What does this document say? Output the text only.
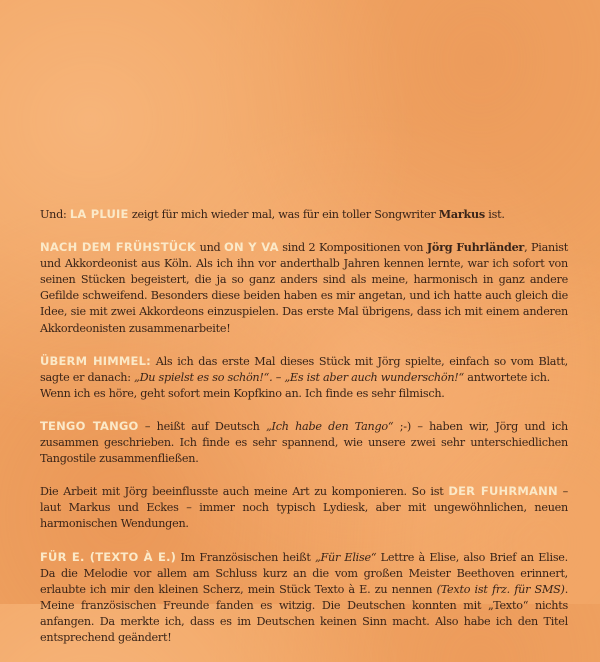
Und: LA PLUIE zeigt für mich wieder mal, was für ein toller Songwriter Markus ist.

NACH DEM FRÜHSTÜCK und ON Y VA sind 2 Kompositionen von Jörg Fuhrländer, Pianist und Akkordeonist aus Köln. Als ich ihn vor anderthalb Jahren kennen lernte, war ich sofort von seinen Stücken begeistert, die ja so ganz anders sind als meine, harmonisch in ganz andere Gefilde schweifend. Besonders diese beiden haben es mir angetan, und ich hatte auch gleich die Idee, sie mit zwei Akkordeons einzuspielen. Das erste Mal übrigens, dass ich mit einem anderen Akkordeonisten zusammenarbeite!

ÜBERM HIMMEL: Als ich das erste Mal dieses Stück mit Jörg spielte, einfach so vom Blatt, sagte er danach: „Du spielst es so schön!“. – „Es ist aber auch wunderschön!“ antwortete ich.
Wenn ich es höre, geht sofort mein Kopfkino an. Ich finde es sehr filmisch.

TENGO TANGO – heißt auf Deutsch „Ich habe den Tango“ ;-) – haben wir, Jörg und ich zusammen geschrieben. Ich finde es sehr spannend, wie unsere zwei sehr unterschiedlichen Tangostile zusammenfließen.

Die Arbeit mit Jörg beeinflusste auch meine Art zu komponieren. So ist DER FUHRMANN – laut Markus und Eckes – immer noch typisch Lydiesk, aber mit ungewöhnlichen, neuen harmonischen Wendungen.

FÜR E. (TEXTO À E.) Im Französischen heißt „Für Elise“ Lettre à Elise, also Brief an Elise. Da die Melodie vor allem am Schluss kurz an die vom großen Meister Beethoven erinnert, erlaubte ich mir den kleinen Scherz, mein Stück Texto à E. zu nennen (Texto ist frz. für SMS). Meine französischen Freunde fanden es witzig. Die Deutschen konnten mit „Texto“ nichts anfangen. Da merkte ich, dass es im Deutschen keinen Sinn macht. Also habe ich den Titel entsprechend geändert!
